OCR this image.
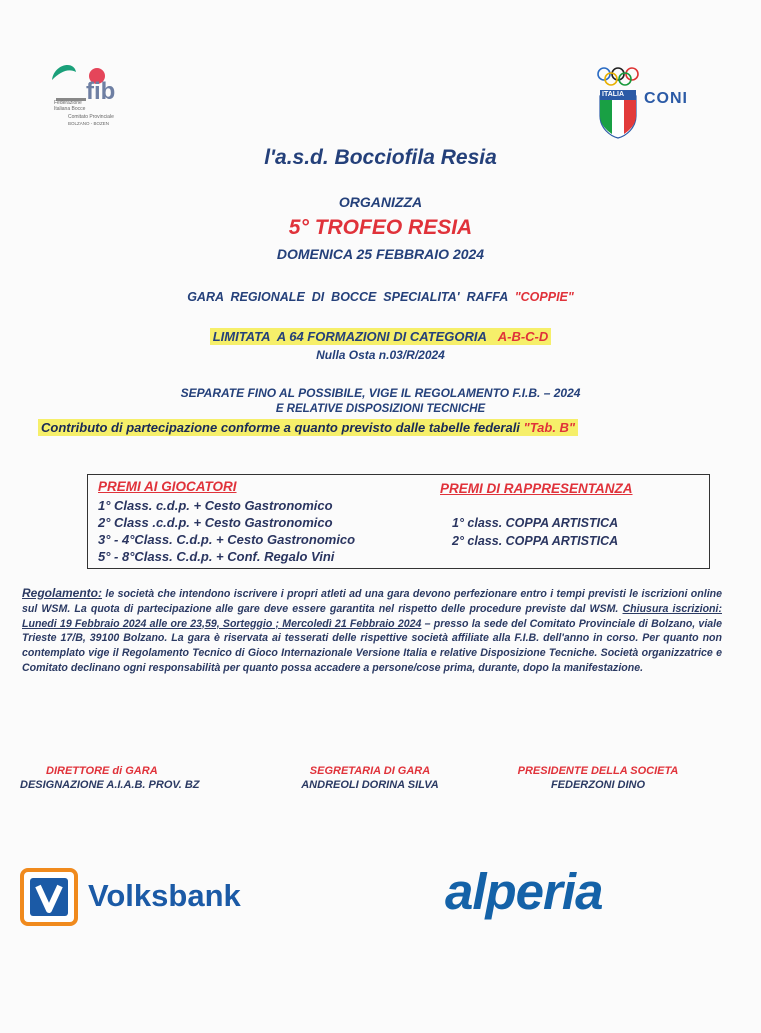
fib
Federazione Italiana Bocce
Comitato Provinciale
BOLZANO - BOZEN
ITALIA CONI
l'a.s.d. Bocciofila Resia
ORGANIZZA
5° TROFEO RESIA
DOMENICA 25 FEBBRAIO 2024
GARA  REGIONALE  DI  BOCCE  SPECIALITA'  RAFFA  "COPPIE"
LIMITATA  A 64 FORMAZIONI DI CATEGORIA A-B-C-D
Nulla Osta n.03/R/2024
SEPARATE FINO AL POSSIBILE, VIGE IL REGOLAMENTO F.I.B. – 2024
E RELATIVE DISPOSIZIONI TECNICHE
Contributo di partecipazione conforme a quanto previsto dalle tabelle federali "Tab. B"
PREMI AI GIOCATORI
1° Class. c.d.p. + Cesto Gastronomico
2° Class .c.d.p. + Cesto Gastronomico
3° - 4°Class. C.d.p. + Cesto Gastronomico
5° - 8°Class. C.d.p. + Conf. Regalo Vini
PREMI DI RAPPRESENTANZA
1° class. COPPA ARTISTICA
2° class. COPPA ARTISTICA
Regolamento: le società che intendono iscrivere i propri atleti ad una gara devono perfezionare entro i tempi previsti le iscrizioni online sul WSM. La quota di partecipazione alle gare deve essere garantita nel rispetto delle procedure previste dal WSM. Chiusura iscrizioni: Lunedi 19 Febbraio 2024 alle ore 23,59, Sorteggio ; Mercoledì 21 Febbraio 2024 – presso la sede del Comitato Provinciale di Bolzano, viale Trieste 17/B, 39100 Bolzano. La gara è riservata ai tesserati delle rispettive società affiliate alla F.I.B. dell'anno in corso. Per quanto non contemplato vige il Regolamento Tecnico di Gioco Internazionale Versione Italia e relative Disposizione Tecniche. Società organizzatrice e Comitato declinano ogni responsabilità per quanto possa accadere a persone/cose prima, durante, dopo la manifestazione.
DIRETTORE di GARA
DESIGNAZIONE A.I.A.B. PROV. BZ
SEGRETARIA DI GARA
ANDREOLI DORINA SILVA
PRESIDENTE DELLA SOCIETA
FEDERZONI DINO
Volksbank	alperia
